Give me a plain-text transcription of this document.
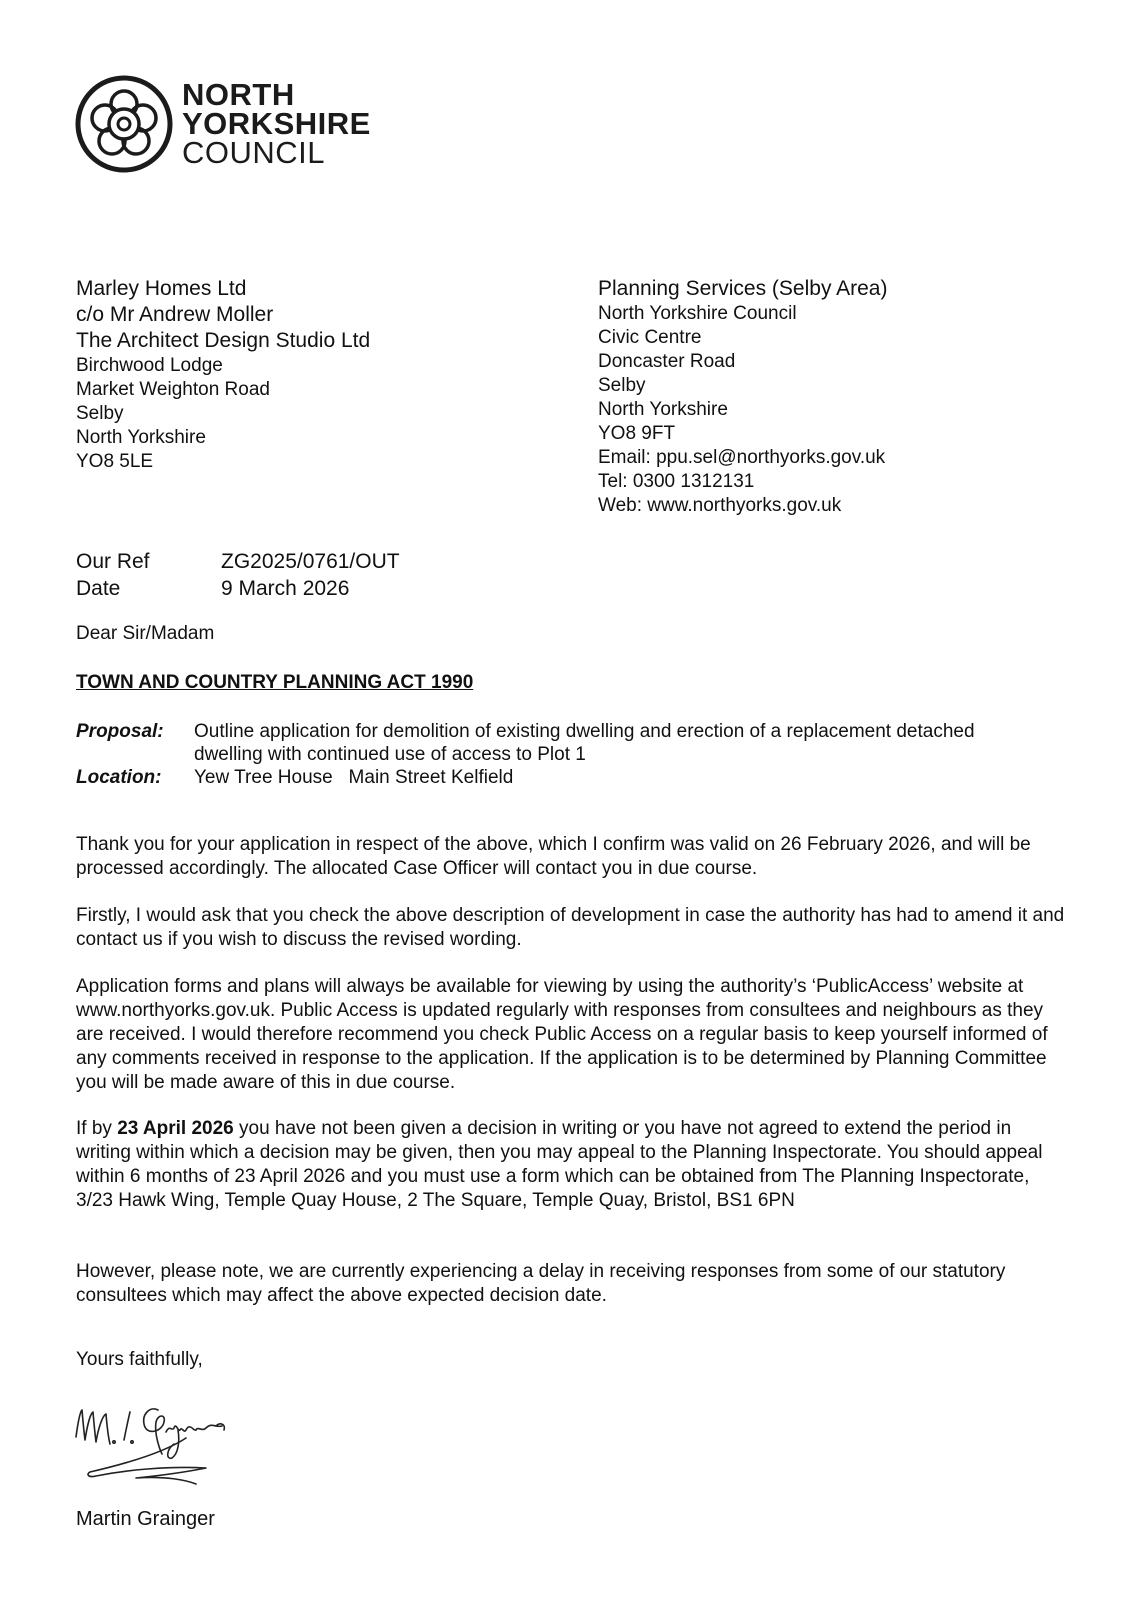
NORTH
YORKSHIRE
COUNCIL
Marley Homes Ltd
c/o Mr Andrew Moller
The Architect Design Studio Ltd
Birchwood Lodge
Market Weighton Road
Selby
North Yorkshire
YO8 5LE
Planning Services (Selby Area)
North Yorkshire Council
Civic Centre
Doncaster Road
Selby
North Yorkshire
YO8 9FT
Email: ppu.sel@northyorks.gov.uk
Tel: 0300 1312131
Web: www.northyorks.gov.uk
Our Ref	ZG2025/0761/OUT
Date	9 March 2026
Dear Sir/Madam
TOWN AND COUNTRY PLANNING ACT 1990
Proposal:	Outline application for demolition of existing dwelling and erection of a replacement detached dwelling with continued use of access to Plot 1
Location:	Yew Tree House   Main Street Kelfield
Thank you for your application in respect of the above, which I confirm was valid on 26 February 2026, and will be processed accordingly. The allocated Case Officer will contact you in due course.
Firstly, I would ask that you check the above description of development in case the authority has had to amend it and contact us if you wish to discuss the revised wording.
Application forms and plans will always be available for viewing by using the authority’s ‘PublicAccess’ website at www.northyorks.gov.uk. Public Access is updated regularly with responses from consultees and neighbours as they are received. I would therefore recommend you check Public Access on a regular basis to keep yourself informed of any comments received in response to the application. If the application is to be determined by Planning Committee you will be made aware of this in due course.
If by 23 April 2026 you have not been given a decision in writing or you have not agreed to extend the period in writing within which a decision may be given, then you may appeal to the Planning Inspectorate. You should appeal within 6 months of 23 April 2026 and you must use a form which can be obtained from The Planning Inspectorate, 3/23 Hawk Wing, Temple Quay House, 2 The Square, Temple Quay, Bristol, BS1 6PN
However, please note, we are currently experiencing a delay in receiving responses from some of our statutory consultees which may affect the above expected decision date.
Yours faithfully,
Martin Grainger
